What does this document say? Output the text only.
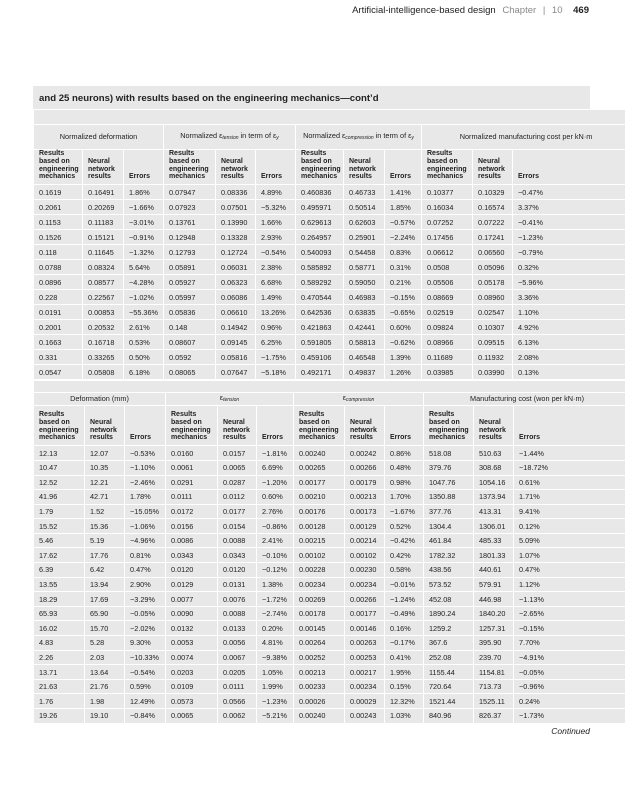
Artificial-intelligence-based design Chapter | 10 469
and 25 neurons) with results based on the engineering mechanics—cont’d

Normalized deformation			Normalized $\varepsilon_{tension}$ in term of $\varepsilon_y$			Normalized $\varepsilon_{compression}$ in term of $\varepsilon_y$			Normalized manufacturing cost per kN·m		
Results based on engineering mechanics	Neural network results	Errors	Results based on engineering mechanics	Neural network results	Errors	Results based on engineering mechanics	Neural network results	Errors	Results based on engineering mechanics	Neural network results	Errors
0.1619	0.16491	1.86%	0.07947	0.08336	4.89%	0.460836	0.46733	1.41%	0.10377	0.10329	−0.47%
0.2061	0.20269	−1.66%	0.07923	0.07501	−5.32%	0.495971	0.50514	1.85%	0.16034	0.16574	3.37%
0.1153	0.11183	−3.01%	0.13761	0.13990	1.66%	0.629613	0.62603	−0.57%	0.07252	0.07222	−0.41%
0.1526	0.15121	−0.91%	0.12948	0.13328	2.93%	0.264957	0.25901	−2.24%	0.17456	0.17241	−1.23%
0.118	0.11645	−1.32%	0.12793	0.12724	−0.54%	0.540093	0.54458	0.83%	0.06612	0.06560	−0.79%
0.0788	0.08324	5.64%	0.05891	0.06031	2.38%	0.585892	0.58771	0.31%	0.0508	0.05096	0.32%
0.0896	0.08577	−4.28%	0.05927	0.06323	6.68%	0.589292	0.59050	0.21%	0.05506	0.05178	−5.96%
0.228	0.22567	−1.02%	0.05997	0.06086	1.49%	0.470544	0.46983	−0.15%	0.08669	0.08960	3.36%
0.0191	0.00853	−55.36%	0.05836	0.06610	13.26%	0.642536	0.63835	−0.65%	0.02519	0.02547	1.10%
0.2001	0.20532	2.61%	0.148	0.14942	0.96%	0.421863	0.42441	0.60%	0.09824	0.10307	4.92%
0.1663	0.16718	0.53%	0.08607	0.09145	6.25%	0.591805	0.58813	−0.62%	0.08966	0.09515	6.13%
0.331	0.33265	0.50%	0.0592	0.05816	−1.75%	0.459106	0.46548	1.39%	0.11689	0.11932	2.08%
0.0547	0.05808	6.18%	0.08065	0.07647	−5.18%	0.492171	0.49837	1.26%	0.03985	0.03990	0.13%

Deformation (mm)			$\varepsilon_{tension}$			$\varepsilon_{compression}$			Manufacturing cost (won per kN·m)		
Results based on engineering mechanics	Neural network results	Errors	Results based on engineering mechanics	Neural network results	Errors	Results based on engineering mechanics	Neural network results	Errors	Results based on engineering mechanics	Neural network results	Errors
12.13	12.07	−0.53%	0.0160	0.0157	−1.81%	0.00240	0.00242	0.86%	518.08	510.63	−1.44%
10.47	10.35	−1.10%	0.0061	0.0065	6.69%	0.00265	0.00266	0.48%	379.76	308.68	−18.72%
12.52	12.21	−2.46%	0.0291	0.0287	−1.20%	0.00177	0.00179	0.98%	1047.76	1054.16	0.61%
41.96	42.71	1.78%	0.0111	0.0112	0.60%	0.00210	0.00213	1.70%	1350.88	1373.94	1.71%
1.79	1.52	−15.05%	0.0172	0.0177	2.76%	0.00176	0.00173	−1.67%	377.76	413.31	9.41%
15.52	15.36	−1.06%	0.0156	0.0154	−0.86%	0.00128	0.00129	0.52%	1304.4	1306.01	0.12%
5.46	5.19	−4.96%	0.0086	0.0088	2.41%	0.00215	0.00214	−0.42%	461.84	485.33	5.09%
17.62	17.76	0.81%	0.0343	0.0343	−0.10%	0.00102	0.00102	0.42%	1782.32	1801.33	1.07%
6.39	6.42	0.47%	0.0120	0.0120	−0.12%	0.00228	0.00230	0.58%	438.56	440.61	0.47%
13.55	13.94	2.90%	0.0129	0.0131	1.38%	0.00234	0.00234	−0.01%	573.52	579.91	1.12%
18.29	17.69	−3.29%	0.0077	0.0076	−1.72%	0.00269	0.00266	−1.24%	452.08	446.98	−1.13%
65.93	65.90	−0.05%	0.0090	0.0088	−2.74%	0.00178	0.00177	−0.49%	1890.24	1840.20	−2.65%
16.02	15.70	−2.02%	0.0132	0.0133	0.20%	0.00145	0.00146	0.16%	1259.2	1257.31	−0.15%
4.83	5.28	9.30%	0.0053	0.0056	4.81%	0.00264	0.00263	−0.17%	367.6	395.90	7.70%
2.26	2.03	−10.33%	0.0074	0.0067	−9.38%	0.00252	0.00253	0.41%	252.08	239.70	−4.91%
13.71	13.64	−0.54%	0.0203	0.0205	1.05%	0.00213	0.00217	1.95%	1155.44	1154.81	−0.05%
21.63	21.76	0.59%	0.0109	0.0111	1.99%	0.00233	0.00234	0.15%	720.64	713.73	−0.96%
1.76	1.98	12.49%	0.0573	0.0566	−1.23%	0.00026	0.00029	12.32%	1521.44	1525.11	0.24%
19.26	19.10	−0.84%	0.0065	0.0062	−5.21%	0.00240	0.00243	1.03%	840.96	826.37	−1.73%
Continued
